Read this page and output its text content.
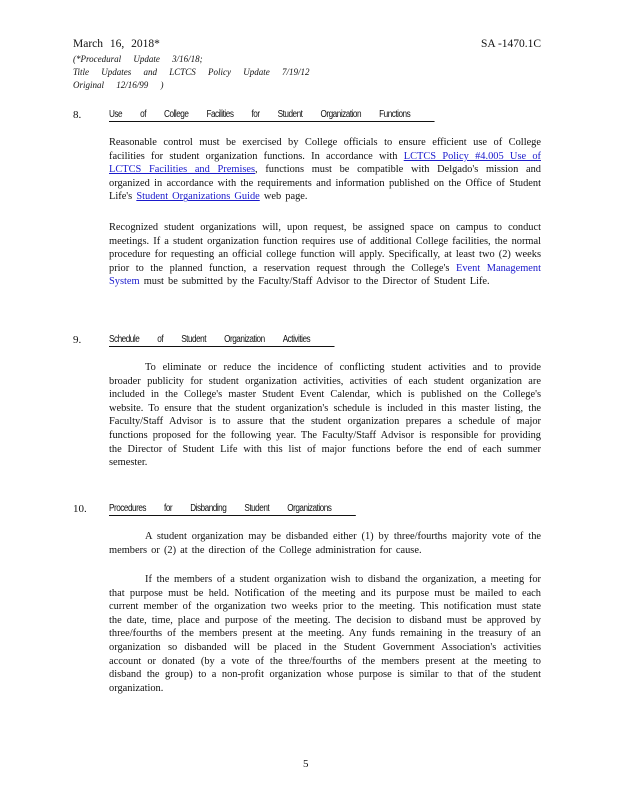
March 16, 2018*	SA -1470.1C
(*Procedural Update 3/16/18;
Title Updates and LCTCS Policy Update 7/19/12
Original 12/16/99 )
8.	Use of College Facilities for Student Organization Functions
Reasonable control must be exercised by College officials to ensure efficient use of College facilities for student organization functions. In accordance with LCTCS Policy #4.005 Use of LCTCS Facilities and Premises, functions must be compatible with Delgado's mission and organized in accordance with the requirements and information published on the Office of Student Life's Student Organizations Guide web page.
Recognized student organizations will, upon request, be assigned space on campus to conduct meetings. If a student organization function requires use of additional College facilities, the normal procedure for requesting an official college function will apply. Specifically, at least two (2) weeks prior to the planned function, a reservation request through the College's Event Management System must be submitted by the Faculty/Staff Advisor to the Director of Student Life.
9.	Schedule of Student Organization Activities
To eliminate or reduce the incidence of conflicting student activities and to provide broader publicity for student organization activities, activities of each student organization are included in the College's master Student Event Calendar, which is published on the College's website. To ensure that the student organization's schedule is included in this master listing, the Faculty/Staff Advisor is to assure that the student organization prepares a schedule of major functions proposed for the following year. The Faculty/Staff Advisor is responsible for providing the Director of Student Life with this list of major functions before the end of each summer semester.
10. Procedures for Disbanding Student Organizations
A student organization may be disbanded either (1) by three/fourths majority vote of the members or (2) at the direction of the College administration for cause.
If the members of a student organization wish to disband the organization, a meeting for that purpose must be held. Notification of the meeting and its purpose must be mailed to each current member of the organization two weeks prior to the meeting. This notification must state the date, time, place and purpose of the meeting. The decision to disband must be approved by three/fourths of the members present at the meeting. Any funds remaining in the treasury of an organization so disbanded will be placed in the Student Government Association's activities account or donated (by a vote of the three/fourths of the members present at the meeting to disband the group) to a non-profit organization whose purpose is similar to that of the student organization.
5
